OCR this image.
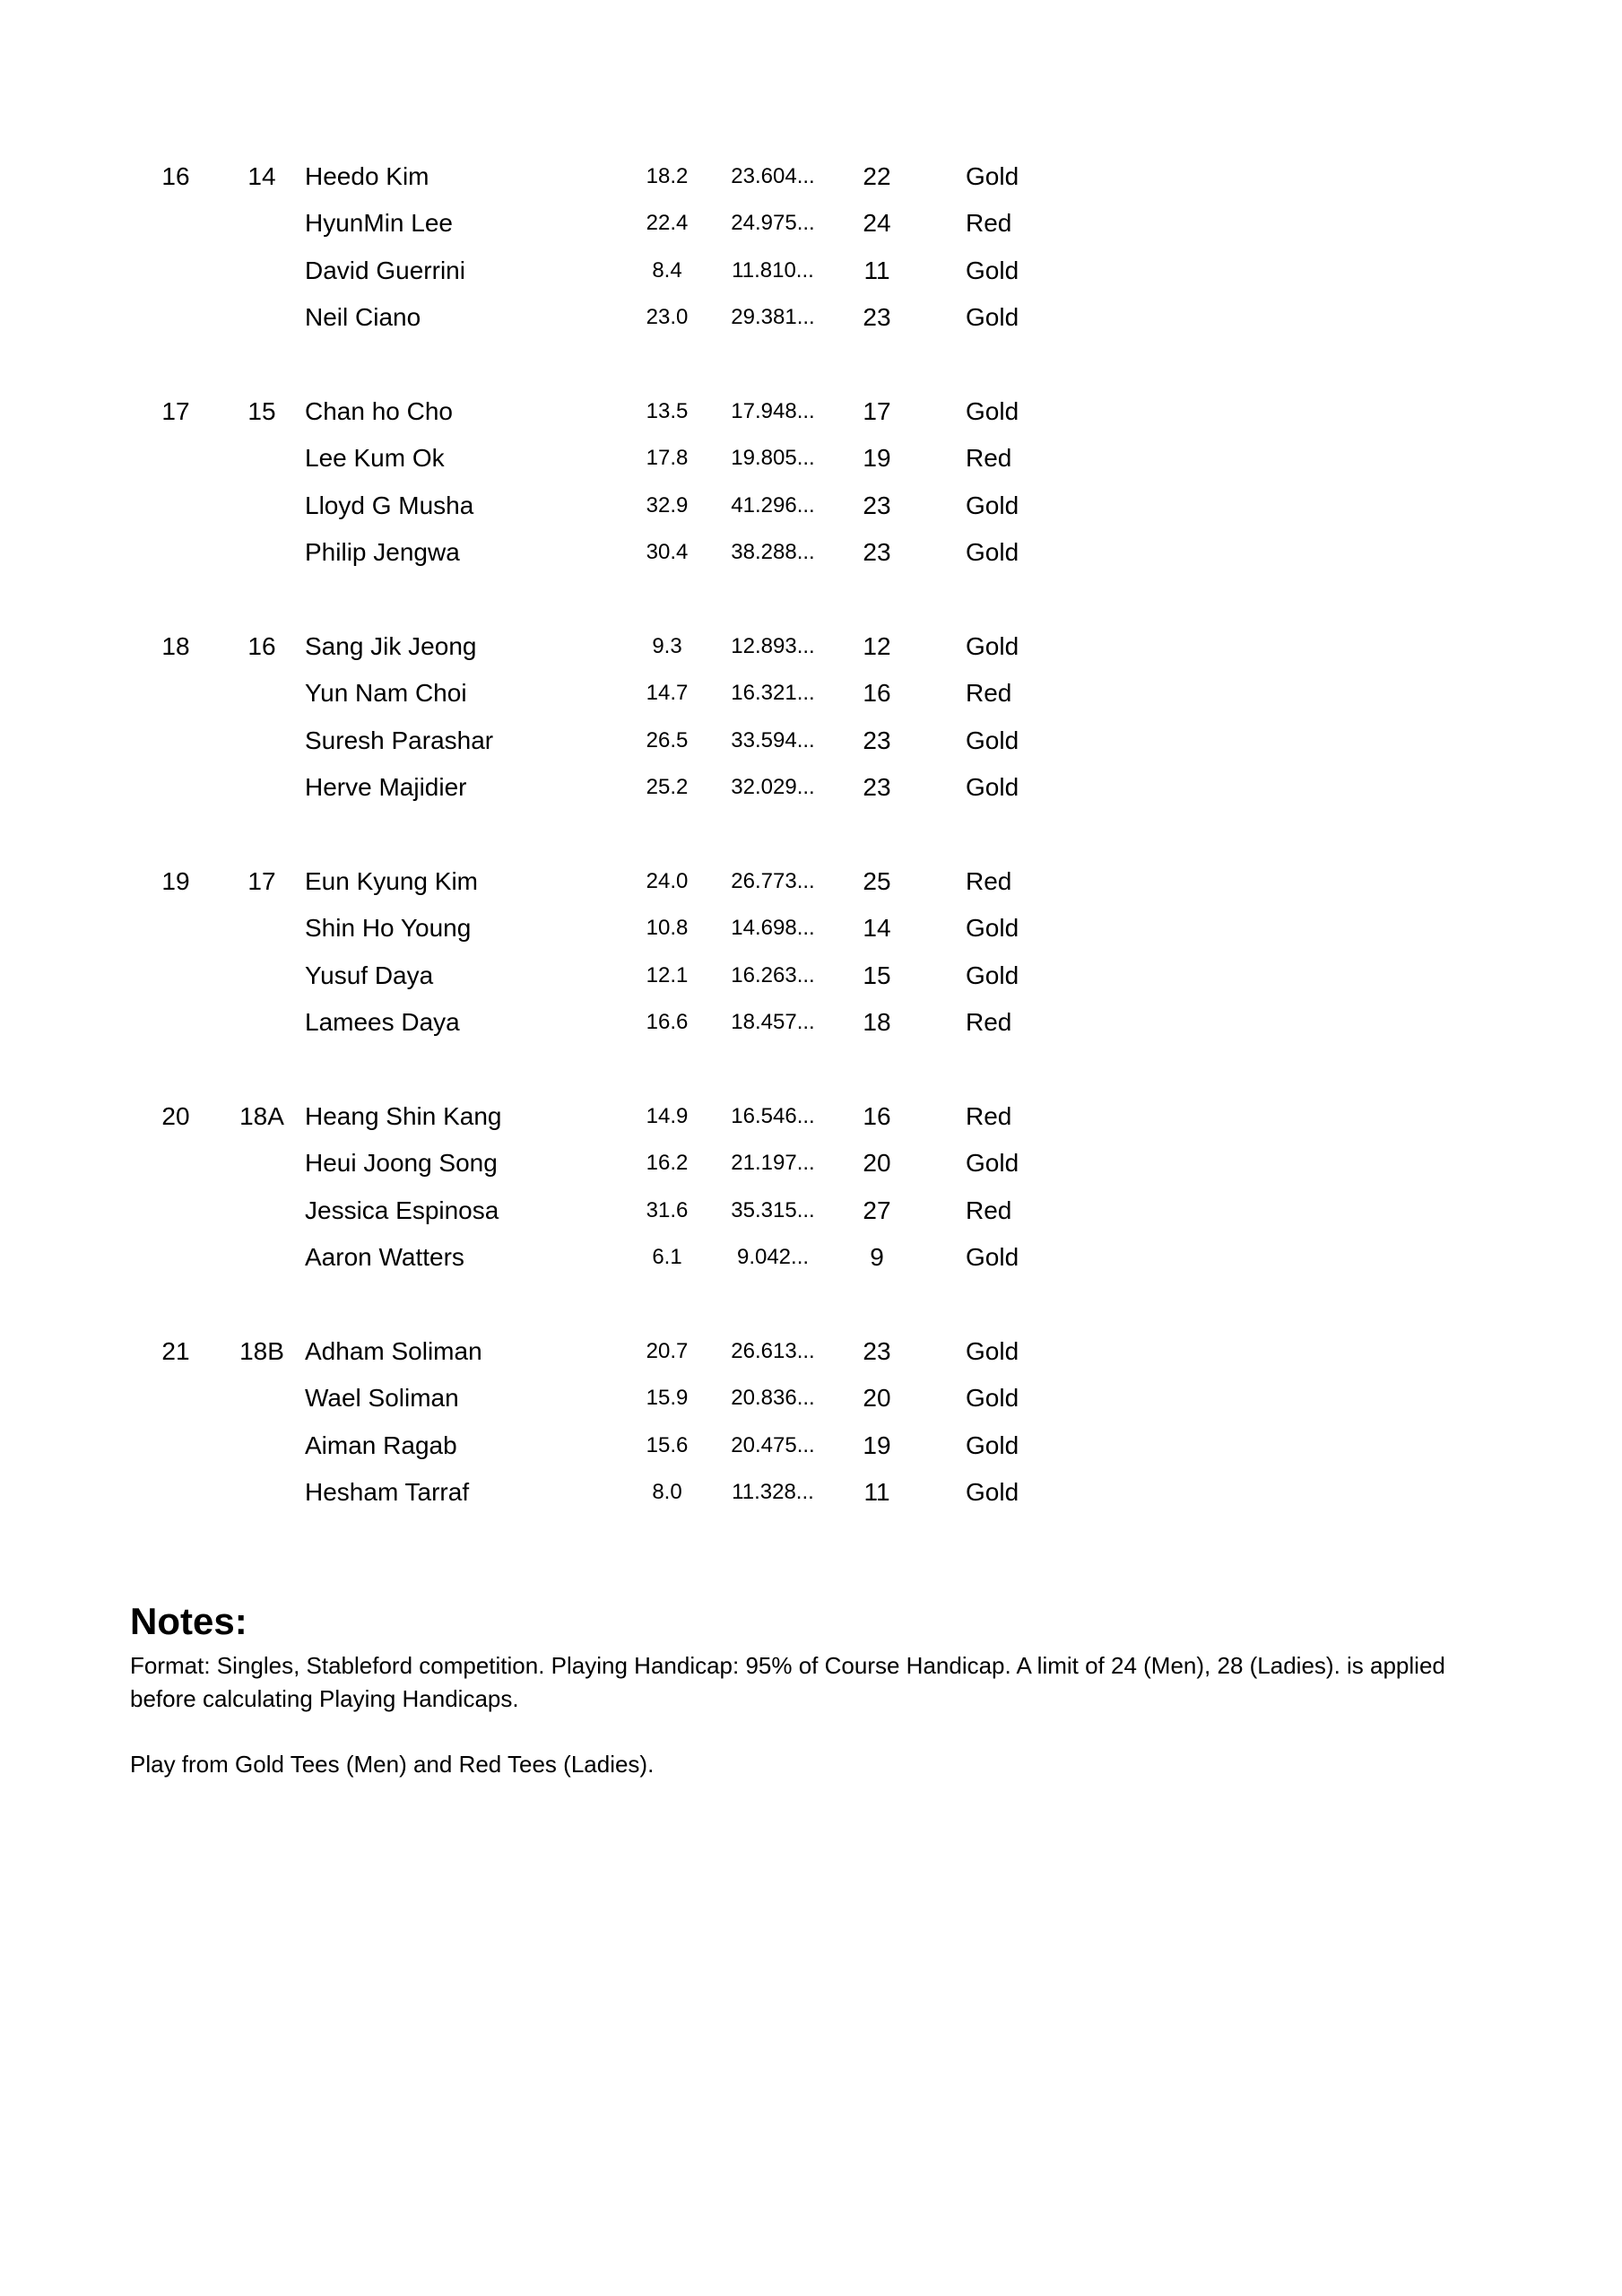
16	14	Heedo Kim	18.2	23.604...	22	Gold
HyunMin Lee	22.4	24.975...	24	Red
David Guerrini	8.4	11.810...	11	Gold
Neil Ciano	23.0	29.381...	23	Gold
17	15	Chan ho Cho	13.5	17.948...	17	Gold
Lee Kum Ok	17.8	19.805...	19	Red
Lloyd G Musha	32.9	41.296...	23	Gold
Philip Jengwa	30.4	38.288...	23	Gold
18	16	Sang Jik Jeong	9.3	12.893...	12	Gold
Yun Nam Choi	14.7	16.321...	16	Red
Suresh Parashar	26.5	33.594...	23	Gold
Herve Majidier	25.2	32.029...	23	Gold
19	17	Eun Kyung Kim	24.0	26.773...	25	Red
Shin Ho Young	10.8	14.698...	14	Gold
Yusuf Daya	12.1	16.263...	15	Gold
Lamees Daya	16.6	18.457...	18	Red
20	18A Heang Shin Kang	14.9	16.546...	16	Red
Heui Joong Song	16.2	21.197...	20	Gold
Jessica Espinosa	31.6	35.315...	27	Red
Aaron Watters	6.1	9.042...	9	Gold
21	18B Adham Soliman	20.7	26.613...	23	Gold
Wael Soliman	15.9	20.836...	20	Gold
Aiman Ragab	15.6	20.475...	19	Gold
Hesham Tarraf	8.0	11.328...	11	Gold
Notes:

Format: Singles, Stableford competition. Playing Handicap: 95% of Course Handicap. A limit of 24 (Men), 28 (Ladies). is applied before calculating Playing Handicaps.

Play from Gold Tees (Men) and Red Tees (Ladies).
